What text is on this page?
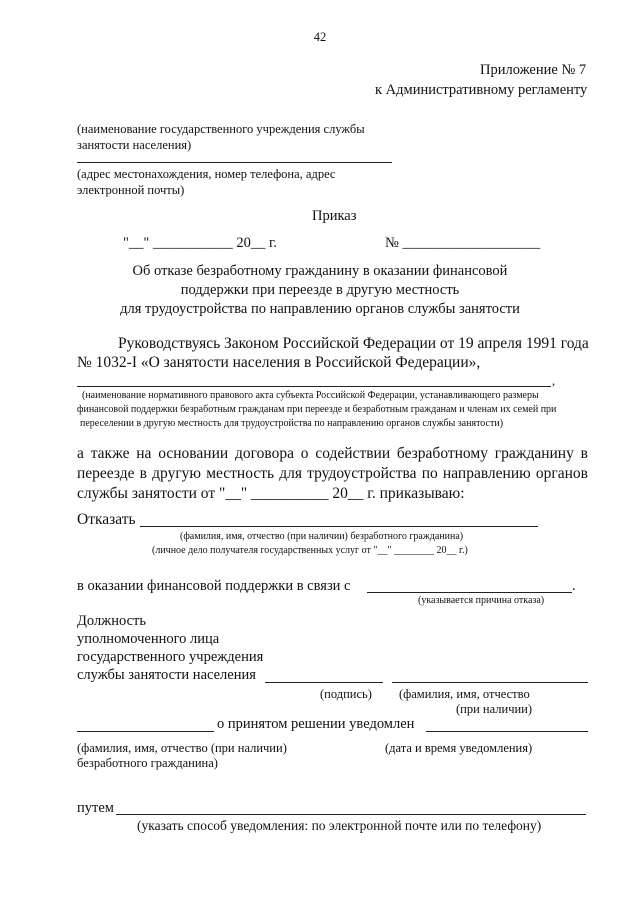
42
Приложение № 7
к Административному регламенту
(наименование государственного учреждения службы
занятости населения)
(адрес местонахождения, номер телефона, адрес
электронной почты)
Приказ
"__" ___________ 20__ г.	№ ___________________
Об отказе безработному гражданину в оказании финансовой
поддержки при переезде в другую местность
для трудоустройства по направлению органов службы занятости
Руководствуясь Законом Российской Федерации от 19 апреля 1991 года
№ 1032-I «О занятости населения в Российской Федерации»,
,
(наименование нормативного правового акта субъекта Российской Федерации, устанавливающего размеры
финансовой поддержки безработным гражданам при переезде и безработным гражданам и членам их семей при
переселении в другую местность для трудоустройства по направлению органов службы занятости)
а также на основании договора о содействии безработному гражданину в
переезде в другую местность для трудоустройства по направлению органов
службы занятости от "__" __________ 20__ г. приказываю:
Отказать
(фамилия, имя, отчество (при наличии) безработного гражданина)
(личное дело получателя государственных услуг от "__" ________ 20__ г.)
в оказании финансовой поддержки в связи с	.
(указывается причина отказа)
Должность
уполномоченного лица
государственного учреждения
службы занятости населения
(подпись) (фамилия, имя, отчество
(при наличии)
о принятом решении уведомлен
(фамилия, имя, отчество (при наличии)
безработного гражданина)
(дата и время уведомления)
путем
(указать способ уведомления: по электронной почте или по телефону)
